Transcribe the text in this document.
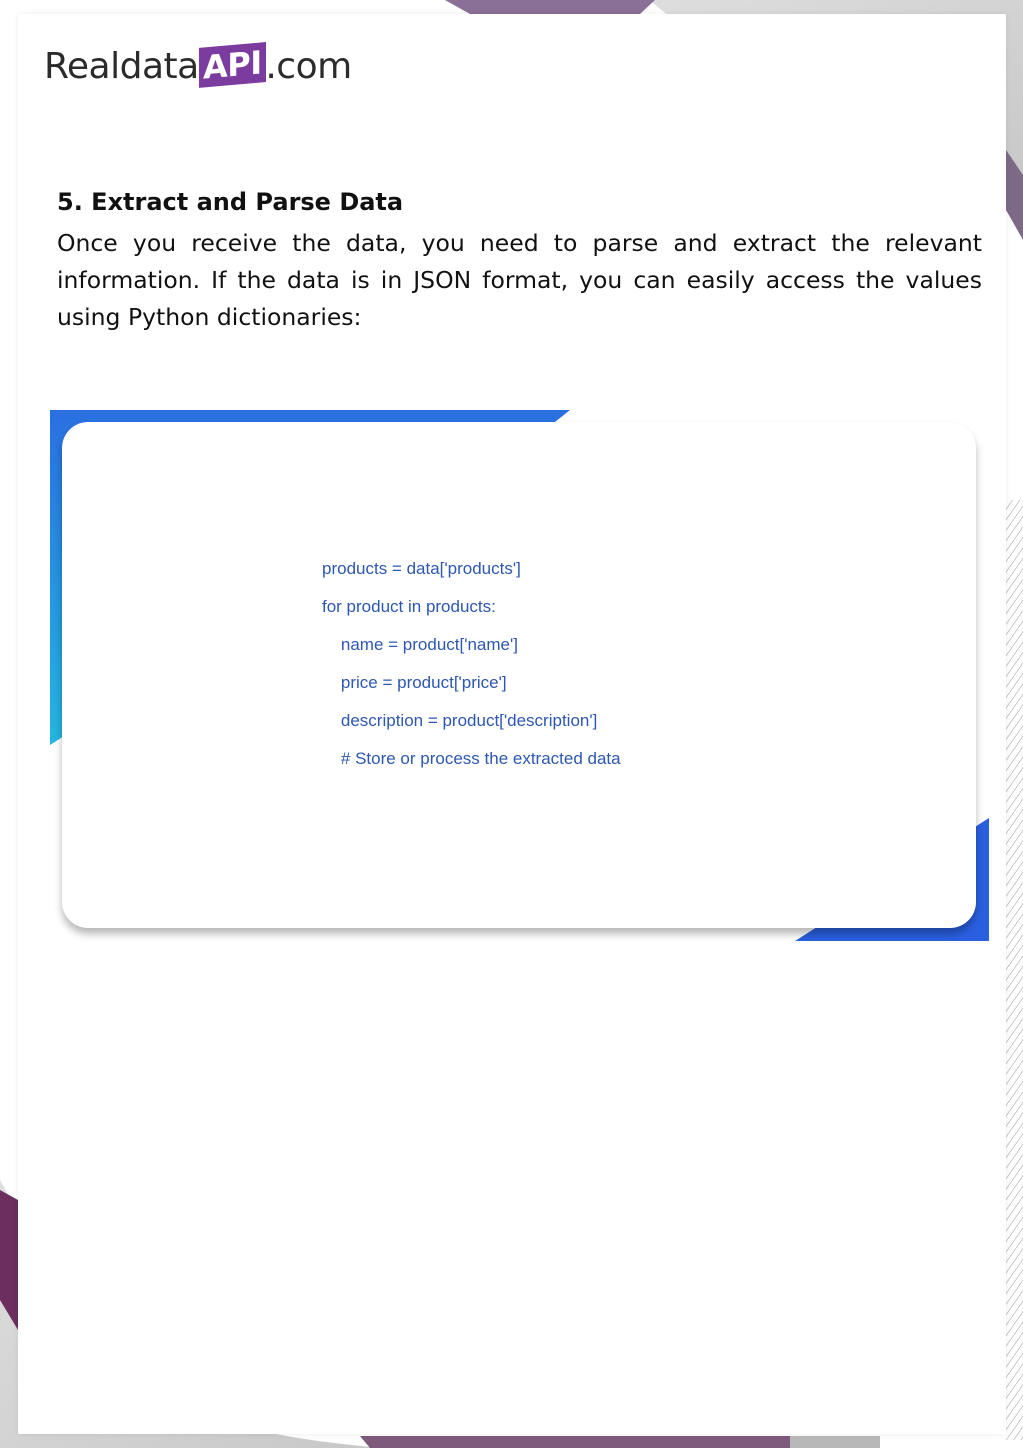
Realdata API .com
5. Extract and Parse Data

Once you receive the data, you need to parse and extract the relevant information. If the data is in JSON format, you can easily access the values using Python dictionaries:

products = data['products']
for product in products:
name = product['name']
price = product['price']
description = product['description']
# Store or process the extracted data
